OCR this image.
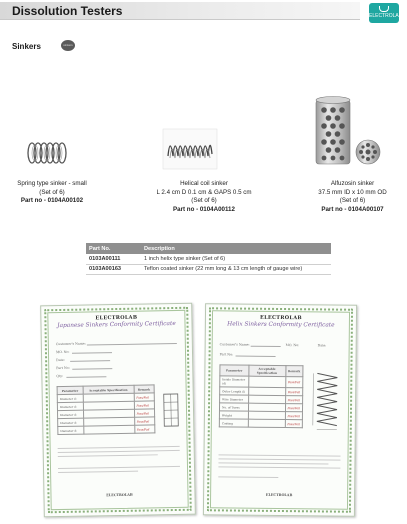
Dissolution Testers	ELECTROLAB
Sinkers	sinkers
Spring type sinker - small
(Set of 6)
Part no - 0104A00102
Helical coil sinker
L 2.4 cm D 0.1 cm & GAPS 0.5 cm
(Set of 6)
Part no - 0104A00112
Alfuzosin sinker
37.5 mm ID x 10 mm OD
(Set of 6)
Part no - 0104A00107
Part No.	Description
0103A00111	1 inch helix type sinker (Set of 6)
0103A00163	Teflon coated sinker (22 mm long & 13 cm length of gauge wire)
ELECTROLAB
Japanese Sinkers Conformity Certificate
Customer's Name:
MO. No:
Date:
Part No:
Qty:
Parameter	Acceptable Specification	Remark
Diameter d:		Pass/Fail
Diameter d:		Pass/Fail
Diameter d:		Pass/Fail
Diameter d:		Pass/Fail
Diameter d:		Pass/Fail
ELECTROLAB
ELECTROLAB
Helix Sinkers Conformity Certificate
Customer's Name:	MO. No:	Date:
Part No:
Parameter	Acceptable Specification	Remark
Inside Diameter (d)		Pass/Fail
Outer Length (l)		Pass/Fail
Wire Diameter		Pass/Fail
No. of Turns		Pass/Fail
Weight		Pass/Fail
Coating		Pass/Fail
ELECTROLAB
